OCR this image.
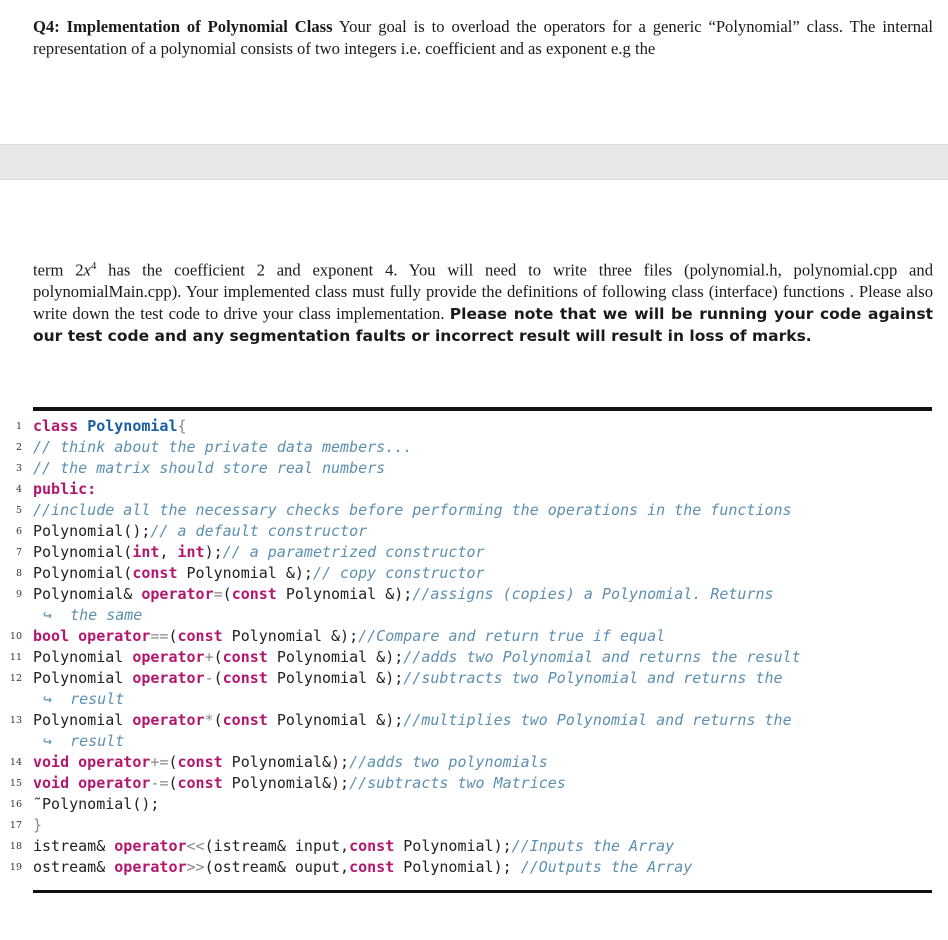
Q4: Implementation of Polynomial Class Your goal is to overload the operators for a generic “Polynomial” class. The internal representation of a polynomial consists of two integers i.e. coefficient and as exponent e.g the
term $2x^4$ has the coefficient 2 and exponent 4. You will need to write three files (polynomial.h, polynomial.cpp and polynomialMain.cpp). Your implemented class must fully provide the definitions of following class (interface) functions . Please also write down the test code to drive your class implementation. Please note that we will be running your code against our test code and any segmentation faults or incorrect result will result in loss of marks.
1 class Polynomial{
2 // think about the private data members...
3 // the matrix should store real numbers
4 public:
5 //include all the necessary checks before performing the operations in the functions
6 Polynomial();// a default constructor
7 Polynomial(int, int);// a parametrized constructor
8 Polynomial(const Polynomial &);// copy constructor
9 Polynomial& operator=(const Polynomial &);//assigns (copies) a Polynomial. Returns
↪ the same
10 bool operator==(const Polynomial &);//Compare and return true if equal
11 Polynomial operator+(const Polynomial &);//adds two Polynomial and returns the result
12 Polynomial operator-(const Polynomial &);//subtracts two Polynomial and returns the
↪ result
13 Polynomial operator*(const Polynomial &);//multiplies two Polynomial and returns the
↪ result
14 void operator+=(const Polynomial&);//adds two polynomials
15 void operator-=(const Polynomial&);//subtracts two Matrices
16 ˜Polynomial();
17 }
18 istream& operator<<(istream& input,const Polynomial);//Inputs the Array
19 ostream& operator>>(ostream& ouput,const Polynomial); //Outputs the Array
